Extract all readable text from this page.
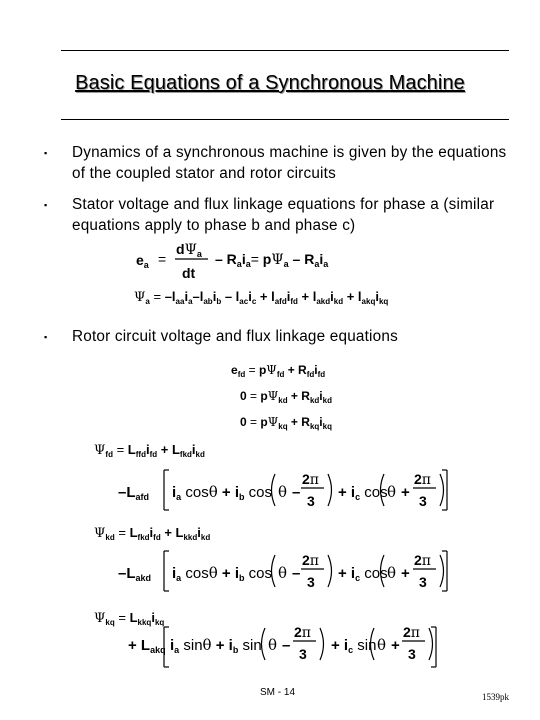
Basic Equations of a Synchronous Machine
▪ Dynamics of a synchronous machine is given by the equations of the coupled stator and rotor circuits
▪ Stator voltage and flux linkage equations for phase a (similar equations apply to phase b and phase c)
▪ Rotor circuit voltage and flux linkage equations
$e_a$ =
$d\Psi_a$
dt
– $R_ai_a= p\Psi_a - R_ai_a$
$\Psi_a = -l_{aa}i_a-l_{ab}i_b - l_{ac}i_c + l_{afd}i_{fd} + l_{akd}i_{kd} + l_{akq}i_{kq}$
$e_{fd} = p\Psi_{fd} + R_{fd}i_{fd}$
$0 = p\Psi_{kd} + R_{kd}i_{kd}$
$0 = p\Psi_{kq} + R_{kq}i_{kq}$
$\Psi_{fd} = L_{ffd}i_{fd} + L_{fkd}i_{kd}$
$-L_{afd}$ $i_a$ $\cos\theta + i_b$ cos θ –
2π
$3 + i_c$ cos θ +
2π
3
$\Psi_{kd} = L_{fkd}i_{fd} + L_{kkd}i_{kd}$
$-L_{akd}$ $i_a$ $\cos\theta + i_b$ cos θ –
2π
$3 + i_c$ cos θ +
2π
3
$\Psi_{kq} = L_{kkq}i_{kq}$
+ $L_{akq}$ $i_a$ $\sin\theta + i_b$ sin θ –
2π
$3 + i_c$ sin θ +
2π
3
SM - 14	1539pk
